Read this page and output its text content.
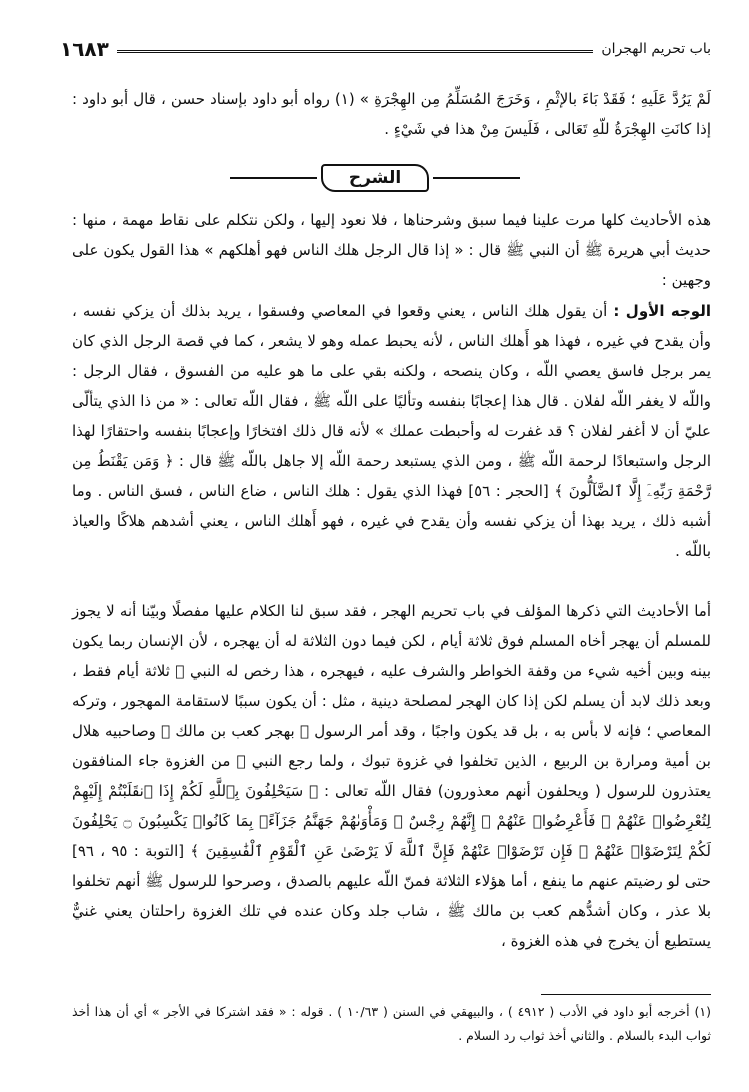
باب تحريم الهجران
١٦٨٣

لَمْ يَرُدَّ عَلَيهِ ؛ فَقَدْ بَاءَ بالإثْمِ ، وَخَرَجَ المُسَلِّمُ مِن الهِجْرَةِ » (١) رواه أبو داود بإسناد حسن ، قال أبو داود : إذا كانَتِ الهِجْرَةُ للّهِ تَعَالى ، فَلَيسَ مِنْ هذا في شَيْءٍ .

الشرح

هذه الأحاديث كلها مرت علينا فيما سبق وشرحناها ، فلا نعود إليها ، ولكن نتكلم على نقاط مهمة ، منها : حديث أبي هريرة ﷺ أن النبي ﷺ قال : « إذا قال الرجل هلك الناس فهو أهلكهم » هذا القول يكون على وجهين :

الوجه الأول : أن يقول هلك الناس ، يعني وقعوا في المعاصي وفسقوا ، يريد بذلك أن يزكي نفسه ، وأن يقدح في غيره ، فهذا هو أَهلك الناس ، لأنه يحبط عمله وهو لا يشعر ، كما في قصة الرجل الذي كان يمر برجل فاسق يعصي اللّه ، وكان ينصحه ، ولكنه بقي على ما هو عليه من الفسوق ، فقال الرجل : واللّه لا يغفر اللّه لفلان . قال هذا إعجابًا بنفسه وتأليًا على اللّه ﷺ ، فقال اللّه تعالى : « من ذا الذي يتألّى عليّ أن لا أغفر لفلان ؟ قد غفرت له وأحبطت عملك » لأنه قال ذلك افتخارًا وإعجابًا بنفسه واحتقارًا لهذا الرجل واستبعادًا لرحمة اللّه ﷺ ، ومن الذي يستبعد رحمة اللّه إلا جاهل باللّه ﷺ قال : ﴿ وَمَن يَقْنَطُ مِن رَّحْمَةِ رَبِّهِۦٓ إِلَّا ٱلضَّآلُّونَ ﴾ [الحجر : ٥٦] فهذا الذي يقول : هلك الناس ، ضاع الناس ، فسق الناس . وما أشبه ذلك ، يريد بهذا أن يزكي نفسه وأن يقدح في غيره ، فهو أَهلك الناس ، يعني أشدهم هلاكًا والعياذ باللّه .

أما الأحاديث التي ذكرها المؤلف في باب تحريم الهجر ، فقد سبق لنا الكلام عليها مفصلًا وبيّنا أنه لا يجوز للمسلم أن يهجر أخاه المسلم فوق ثلاثة أيام ، لكن فيما دون الثلاثة له أن يهجره ، لأن الإنسان ربما يكون بينه وبين أخيه شيء من وقفة الخواطر والشرف عليه ، فيهجره ، هذا رخص له النبي ﷺ ثلاثة أيام فقط ، وبعد ذلك لابد أن يسلم لكن إذا كان الهجر لمصلحة دينية ، مثل : أن يكون سببًا لاستقامة المهجور ، وتركه المعاصي ؛ فإنه لا بأس به ، بل قد يكون واجبًا ، وقد أمر الرسول ﷺ بهجر كعب بن مالك ﷺ وصاحبيه هلال بن أمية ومرارة بن الربيع ، الذين تخلفوا في غزوة تبوك ، ولما رجع النبي ﷺ من الغزوة جاء المنافقون يعتذرون للرسول ( ويحلفون أنهم معذورون) فقال اللّه تعالى : ﴿ سَيَحْلِفُونَ بِٱللَّهِ لَكُمْ إِذَا ٱنقَلَبْتُمْ إِلَيْهِمْ لِتُعْرِضُوا۟ عَنْهُمْ ۖ فَأَعْرِضُوا۟ عَنْهُمْ ۖ إِنَّهُمْ رِجْسٌ ۖ وَمَأْوَىٰهُمْ جَهَنَّمُ جَزَآءًۢ بِمَا كَانُوا۟ يَكْسِبُونَ ۝ يَحْلِفُونَ لَكُمْ لِتَرْضَوْا۟ عَنْهُمْ ۖ فَإِن تَرْضَوْا۟ عَنْهُمْ فَإِنَّ ٱللَّهَ لَا يَرْضَىٰ عَنِ ٱلْقَوْمِ ٱلْفَٰسِقِينَ ﴾ [التوبة : ٩٥ ، ٩٦] حتى لو رضيتم عنهم ما ينفع ، أما هؤلاء الثلاثة فمنّ اللّه عليهم بالصدق ، وصرحوا للرسول ﷺ أنهم تخلفوا بلا عذر ، وكان أشدُّهم كعب بن مالك ﷺ ، شاب جلد وكان عنده في تلك الغزوة راحلتان يعني غنيٌّ يستطيع أن يخرج في هذه الغزوة ،

(١) أخرجه أبو داود في الأدب ( ٤٩١٢ ) ، والبيهقي في السنن ( ١٠/٦٣ ) . قوله : « فقد اشتركا في الأجر » أي أن هذا أخذ ثواب البدء بالسلام . والثاني أخذ ثواب رد السلام .
